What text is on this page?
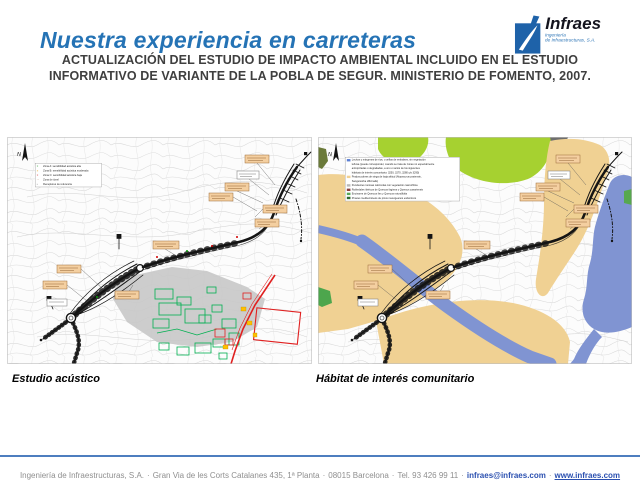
Nuestra experiencia en carreteras
Infraes
Ingeniería
de Infraestructuras, S.A.
ACTUALIZACIÓN DEL ESTUDIO DE IMPACTO AMBIENTAL INCLUIDO EN EL ESTUDIO
INFORMATIVO DE VARIANTE DE LA POBLA DE SEGUR. MINISTERIO DE FOMENTO, 2007.
≈ Zona A: sensibilidad acústica alta
≈ Zona B: sensibilidad acústica moderada
≈ Zona C: sensibilidad acústica baja
- - Zona de túnel
▪ Receptores de referencia
Lechos y márgenes de ríos, o orillas de embalses, sin vegetación
leñosa (puede corresponder, cuando se trata de zonas no especialmente
antropizadas o degradadas, a uno o varios de los siguientes
hábitats de interés comunitario: 3250, 3270, 3280 y/o 3290)
Prados pobres de siega de baja altitud (Alopecurus pratensis,
Sanguisorba officinalis)
Pendientes rocosas calcícolas con vegetación casmofítica
Robledales ibéricos de Quercus faginea y Quercus canariensis
Encinares de Quercus ilex y Quercus rotundifolia
Pinares mediterráneos de pinos mesogeanos endémicos
Estudio acústico	Hábitat de interés comunitario
Ingeniería de Infraestructuras, S.A. · Gran Via de les Corts Catalanes 435, 1ª Planta · 08015 Barcelona · Tel. 93 426 99 11 · infraes@infraes.com · www.infraes.com
